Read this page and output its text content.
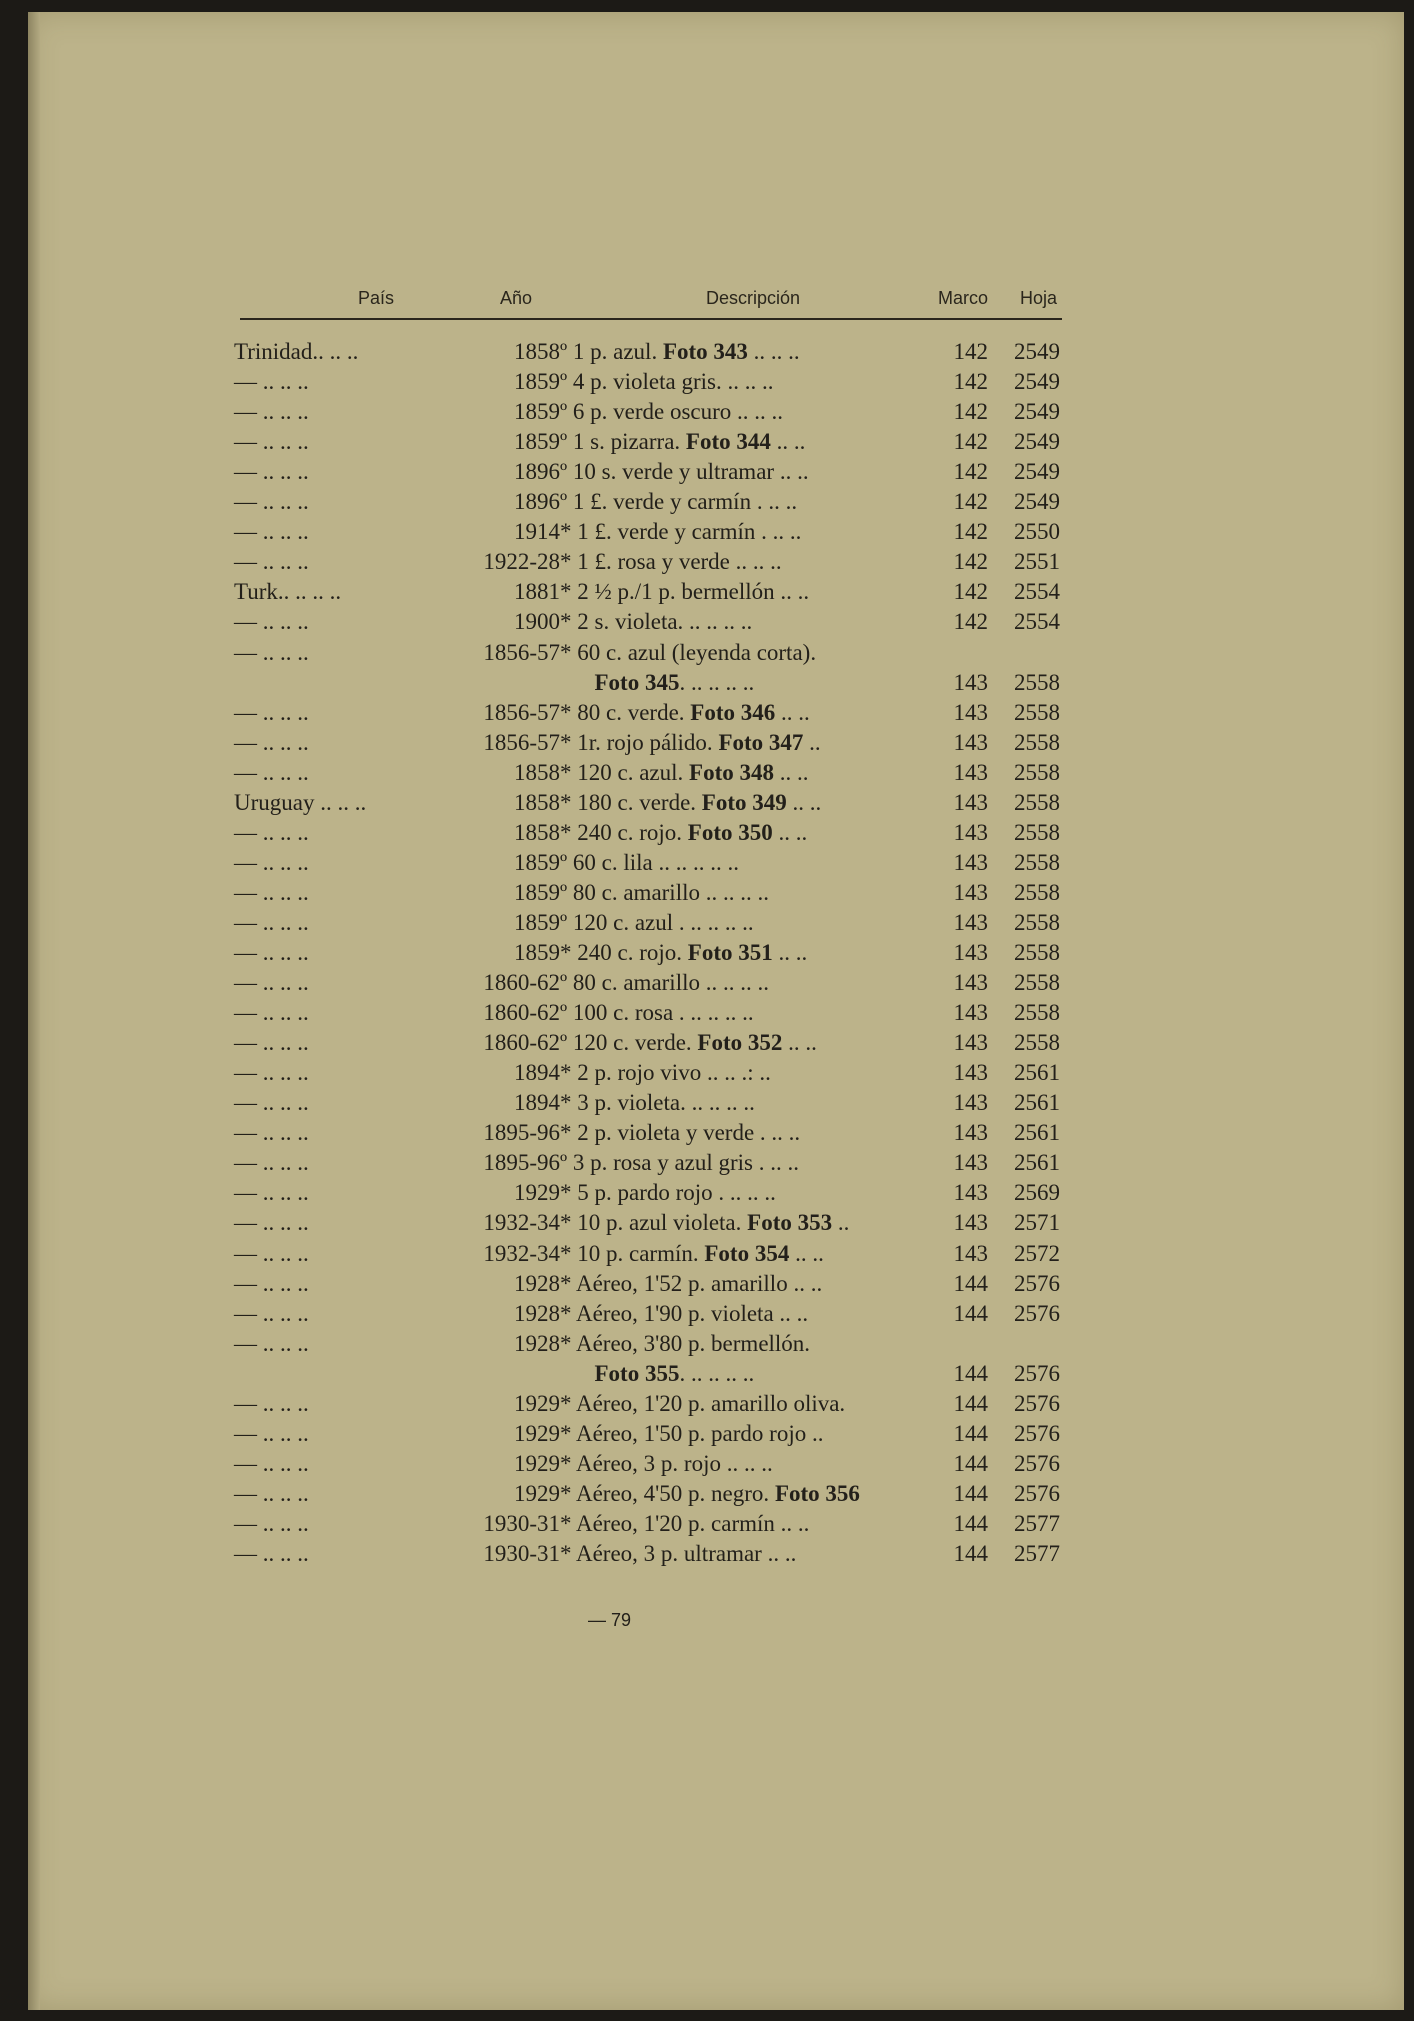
País	Año	Descripción	Marco Hoja
Trinidad.. .. ..	1858 º 1 p. azul. Foto 343 .. .. ..	142	2549
— .. .. ..	1859 º 4 p. violeta gris. .. .. ..	142	2549
— .. .. ..	1859 º 6 p. verde oscuro .. .. ..	142	2549
— .. .. ..	1859 º 1 s. pizarra. Foto 344 .. ..	142	2549
— .. .. ..	1896 º 10 s. verde y ultramar .. ..	142	2549
— .. .. ..	1896 º 1 £. verde y carmín . .. ..	142	2549
— .. .. ..	1914 * 1 £. verde y carmín . .. ..	142	2550
— .. .. ..	1922-28 * 1 £. rosa y verde .. .. ..	142	2551
Turk.. .. .. ..	1881 * 2 ½ p./1 p. bermellón .. ..	142	2554
— .. .. ..	1900 * 2 s. violeta. .. .. .. ..	142	2554
— .. .. ..	1856-57 * 60 c. azul (leyenda corta).
Foto 345. .. .. .. ..	143	2558
— .. .. ..	1856-57 * 80 c. verde. Foto 346 .. ..	143	2558
— .. .. ..	1856-57 * 1r. rojo pálido. Foto 347 ..	143	2558
— .. .. ..	1858 * 120 c. azul. Foto 348 .. ..	143	2558
Uruguay .. .. ..	1858 * 180 c. verde. Foto 349 .. ..	143	2558
— .. .. ..	1858 * 240 c. rojo. Foto 350 .. ..	143	2558
— .. .. ..	1859 º 60 c. lila .. .. .. .. ..	143	2558
— .. .. ..	1859 º 80 c. amarillo .. .. .. ..	143	2558
— .. .. ..	1859 º 120 c. azul . .. .. .. ..	143	2558
— .. .. ..	1859 * 240 c. rojo. Foto 351 .. ..	143	2558
— .. .. ..	1860-62 º 80 c. amarillo .. .. .. ..	143	2558
— .. .. ..	1860-62 º 100 c. rosa . .. .. .. ..	143	2558
— .. .. ..	1860-62 º 120 c. verde. Foto 352 .. ..	143	2558
— .. .. ..	1894 * 2 p. rojo vivo .. .. .: ..	143	2561
— .. .. ..	1894 * 3 p. violeta. .. .. .. ..	143	2561
— .. .. ..	1895-96 * 2 p. violeta y verde . .. ..	143	2561
— .. .. ..	1895-96 º 3 p. rosa y azul gris . .. ..	143	2561
— .. .. ..	1929 * 5 p. pardo rojo . .. .. ..	143	2569
— .. .. ..	1932-34 * 10 p. azul violeta. Foto 353 ..	143	2571
— .. .. ..	1932-34 * 10 p. carmín. Foto 354 .. ..	143	2572
— .. .. ..	1928 * Aéreo, 1'52 p. amarillo .. ..	144	2576
— .. .. ..	1928 * Aéreo, 1'90 p. violeta .. ..	144	2576
— .. .. ..	1928 * Aéreo, 3'80 p. bermellón.
Foto 355. .. .. .. ..	144	2576
— .. .. ..	1929 * Aéreo, 1'20 p. amarillo oliva.	144	2576
— .. .. ..	1929 * Aéreo, 1'50 p. pardo rojo ..	144	2576
— .. .. ..	1929 * Aéreo, 3 p. rojo .. .. ..	144	2576
— .. .. ..	1929 * Aéreo, 4'50 p. negro. Foto 356	144	2576
— .. .. ..	1930-31 * Aéreo, 1'20 p. carmín .. ..	144	2577
— .. .. ..	1930-31 * Aéreo, 3 p. ultramar .. ..	144	2577
— 79
